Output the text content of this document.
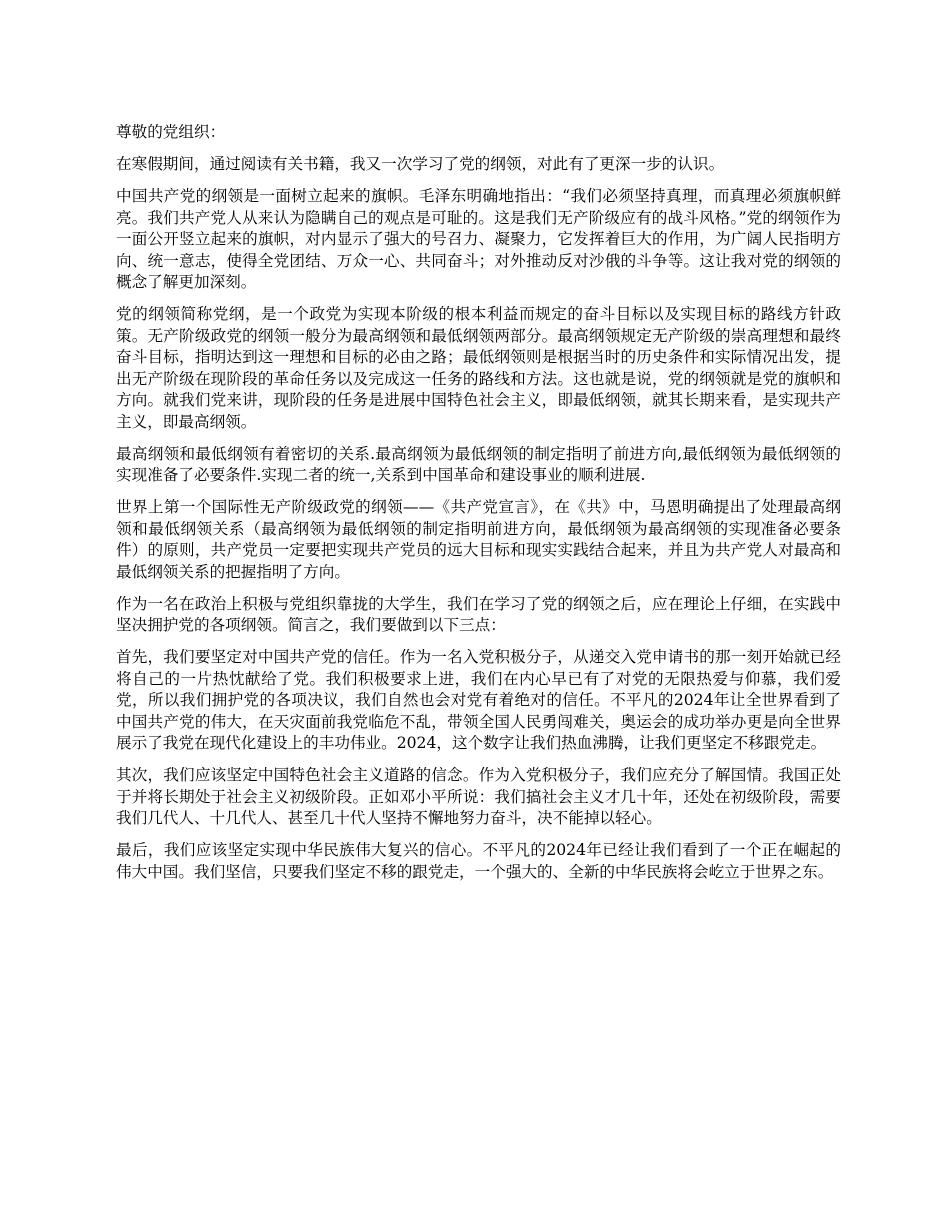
尊敬的党组织：

在寒假期间，通过阅读有关书籍，我又一次学习了党的纲领，对此有了更深一步的认识。

中国共产党的纲领是一面树立起来的旗帜。毛泽东明确地指出：“我们必须坚持真理，而真理必须旗帜鲜亮。我们共产党人从来认为隐瞒自己的观点是可耻的。这是我们无产阶级应有的战斗风格。”党的纲领作为一面公开竖立起来的旗帜，对内显示了强大的号召力、凝聚力，它发挥着巨大的作用，为广阔人民指明方向、统一意志，使得全党团结、万众一心、共同奋斗；对外推动反对沙俄的斗争等。这让我对党的纲领的概念了解更加深刻。

党的纲领简称党纲，是一个政党为实现本阶级的根本利益而规定的奋斗目标以及实现目标的路线方针政策。无产阶级政党的纲领一般分为最高纲领和最低纲领两部分。最高纲领规定无产阶级的崇高理想和最终奋斗目标，指明达到这一理想和目标的必由之路；最低纲领则是根据当时的历史条件和实际情况出发，提出无产阶级在现阶段的革命任务以及完成这一任务的路线和方法。这也就是说，党的纲领就是党的旗帜和方向。就我们党来讲，现阶段的任务是进展中国特色社会主义，即最低纲领，就其长期来看，是实现共产主义，即最高纲领。

最高纲领和最低纲领有着密切的关系.最高纲领为最低纲领的制定指明了前进方向,最低纲领为最低纲领的实现准备了必要条件.实现二者的统一,关系到中国革命和建设事业的顺利进展.

世界上第一个国际性无产阶级政党的纲领——《共产党宣言》，在《共》中，马恩明确提出了处理最高纲领和最低纲领关系（最高纲领为最低纲领的制定指明前进方向，最低纲领为最高纲领的实现准备必要条件）的原则，共产党员一定要把实现共产党员的远大目标和现实实践结合起来，并且为共产党人对最高和最低纲领关系的把握指明了方向。

作为一名在政治上积极与党组织靠拢的大学生，我们在学习了党的纲领之后，应在理论上仔细，在实践中坚决拥护党的各项纲领。简言之，我们要做到以下三点：

首先，我们要坚定对中国共产党的信任。作为一名入党积极分子，从递交入党申请书的那一刻开始就已经将自己的一片热忱献给了党。我们积极要求上进，我们在内心早已有了对党的无限热爱与仰慕，我们爱党，所以我们拥护党的各项决议，我们自然也会对党有着绝对的信任。不平凡的2024年让全世界看到了中国共产党的伟大，在天灾面前我党临危不乱，带领全国人民勇闯难关，奥运会的成功举办更是向全世界展示了我党在现代化建设上的丰功伟业。2024，这个数字让我们热血沸腾，让我们更坚定不移跟党走。

其次，我们应该坚定中国特色社会主义道路的信念。作为入党积极分子，我们应充分了解国情。我国正处于并将长期处于社会主义初级阶段。正如邓小平所说：我们搞社会主义才几十年，还处在初级阶段，需要我们几代人、十几代人、甚至几十代人坚持不懈地努力奋斗，决不能掉以轻心。

最后，我们应该坚定实现中华民族伟大复兴的信心。不平凡的2024年已经让我们看到了一个正在崛起的伟大中国。我们坚信，只要我们坚定不移的跟党走，一个强大的、全新的中华民族将会屹立于世界之东。
